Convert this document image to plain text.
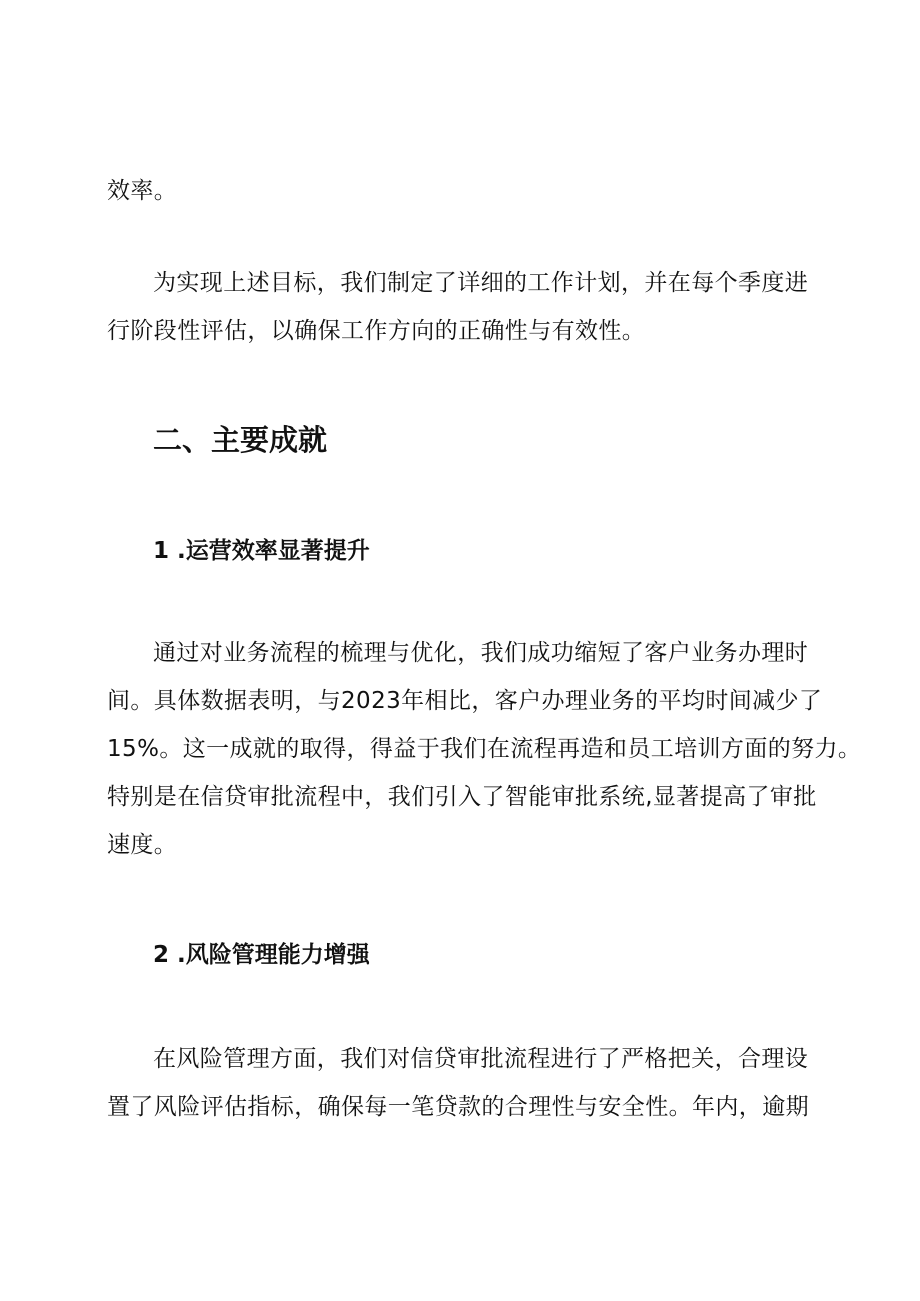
效率。
为实现上述目标，我们制定了详细的工作计划，并在每个季度进
行阶段性评估，以确保工作方向的正确性与有效性。
二、主要成就
1 .运营效率显著提升
通过对业务流程的梳理与优化，我们成功缩短了客户业务办理时
间。具体数据表明，与2023年相比，客户办理业务的平均时间减少了
15%。这一成就的取得，得益于我们在流程再造和员工培训方面的努力。
特别是在信贷审批流程中，我们引入了智能审批系统,显著提高了审批
速度。
2 .风险管理能力增强
在风险管理方面，我们对信贷审批流程进行了严格把关，合理设
置了风险评估指标，确保每一笔贷款的合理性与安全性。年内，逾期
